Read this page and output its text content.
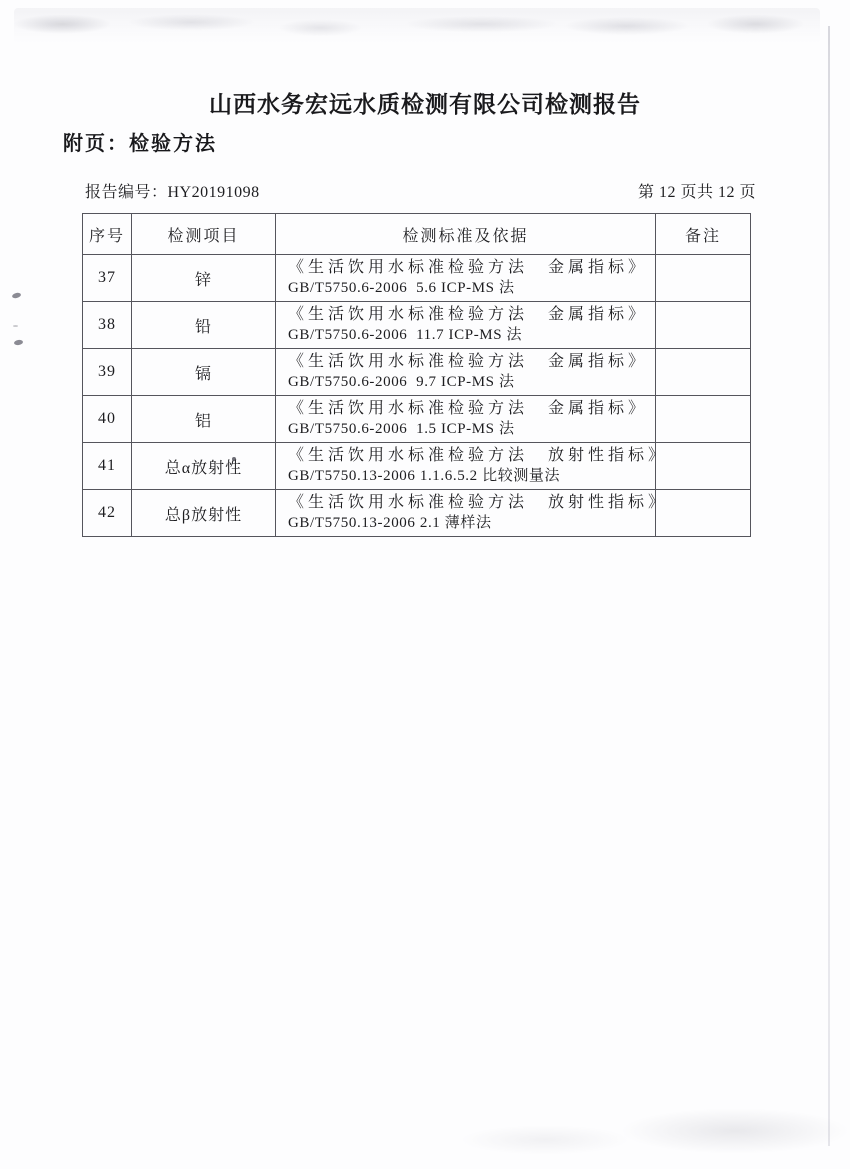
山西水务宏远水质检测有限公司检测报告
附页：检验方法
报告编号：HY20191098	第 12 页共 12 页
序号	检测项目	检测标准及依据	备注
37	锌	《生活饮用水标准检验方法　金属指标》
GB/T5750.6-2006  5.6 ICP-MS 法	

38	铅	《生活饮用水标准检验方法　金属指标》
GB/T5750.6-2006  11.7 ICP-MS 法	

39	镉	《生活饮用水标准检验方法　金属指标》
GB/T5750.6-2006  9.7 ICP-MS 法	

40	铝	《生活饮用水标准检验方法　金属指标》
GB/T5750.6-2006  1.5 ICP-MS 法	

41	总α放射性	《生活饮用水标准检验方法　放射性指标》
GB/T5750.13-2006 1.1.6.5.2 比较测量法	

42	总β放射性	《生活饮用水标准检验方法　放射性指标》
GB/T5750.13-2006 2.1 薄样法	
